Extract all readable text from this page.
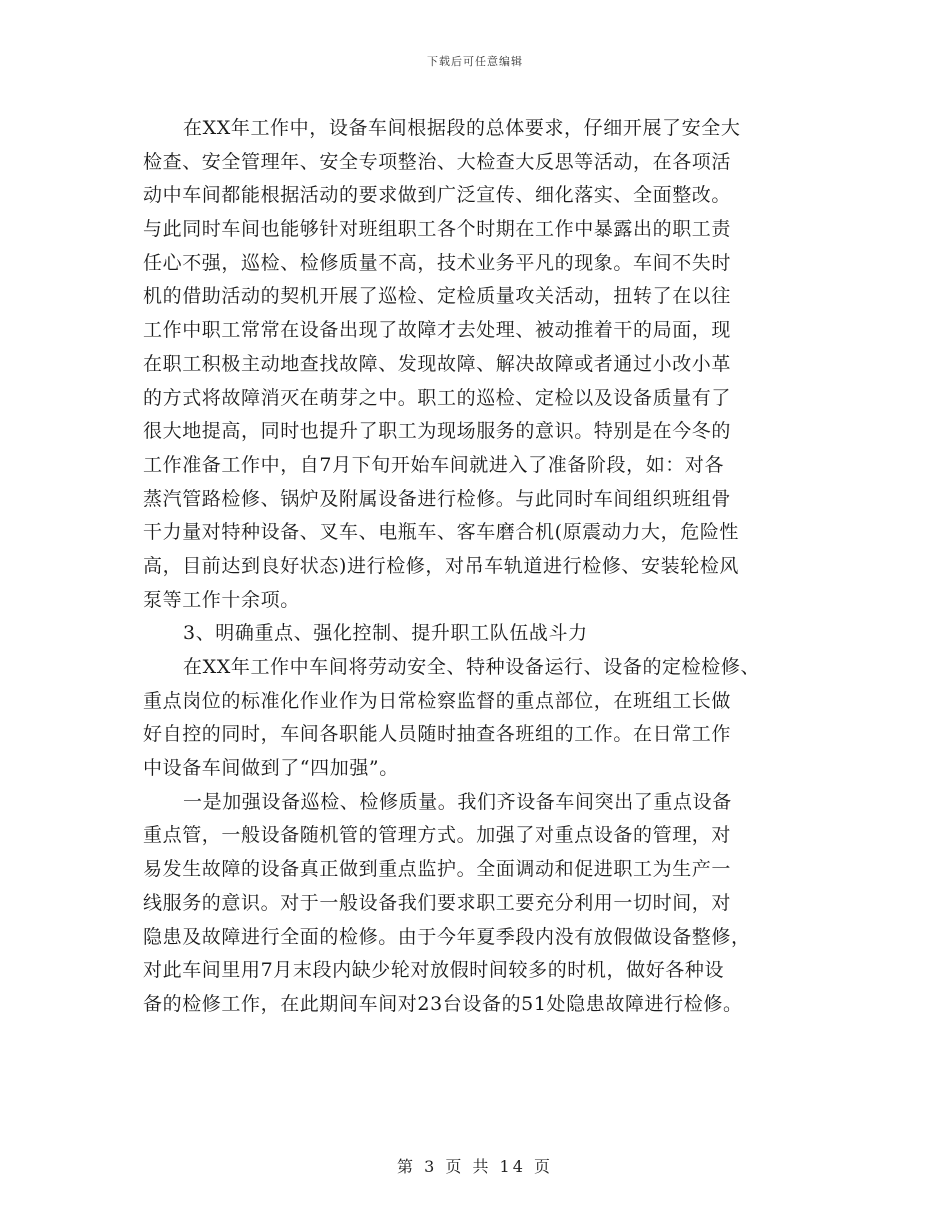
下载后可任意编辑
在XX年工作中，设备车间根据段的总体要求，仔细开展了安全大
检查、安全管理年、安全专项整治、大检查大反思等活动，在各项活
动中车间都能根据活动的要求做到广泛宣传、细化落实、全面整改。
与此同时车间也能够针对班组职工各个时期在工作中暴露出的职工责
任心不强，巡检、检修质量不高，技术业务平凡的现象。车间不失时
机的借助活动的契机开展了巡检、定检质量攻关活动，扭转了在以往
工作中职工常常在设备出现了故障才去处理、被动推着干的局面，现
在职工积极主动地查找故障、发现故障、解决故障或者通过小改小革
的方式将故障消灭在萌芽之中。职工的巡检、定检以及设备质量有了
很大地提高，同时也提升了职工为现场服务的意识。特别是在今冬的
工作准备工作中，自7月下旬开始车间就进入了准备阶段，如：对各
蒸汽管路检修、锅炉及附属设备进行检修。与此同时车间组织班组骨
干力量对特种设备、叉车、电瓶车、客车磨合机(原震动力大，危险性
高，目前达到良好状态)进行检修，对吊车轨道进行检修、安装轮检风
泵等工作十余项。
3、明确重点、强化控制、提升职工队伍战斗力
在XX年工作中车间将劳动安全、特种设备运行、设备的定检检修、
重点岗位的标准化作业作为日常检察监督的重点部位，在班组工长做
好自控的同时，车间各职能人员随时抽查各班组的工作。在日常工作
中设备车间做到了“四加强”。
一是加强设备巡检、检修质量。我们齐设备车间突出了重点设备
重点管，一般设备随机管的管理方式。加强了对重点设备的管理，对
易发生故障的设备真正做到重点监护。全面调动和促进职工为生产一
线服务的意识。对于一般设备我们要求职工要充分利用一切时间，对
隐患及故障进行全面的检修。由于今年夏季段内没有放假做设备整修，
对此车间里用7月末段内缺少轮对放假时间较多的时机，做好各种设
备的检修工作，在此期间车间对23台设备的51处隐患故障进行检修。
第 3 页 共 14 页
